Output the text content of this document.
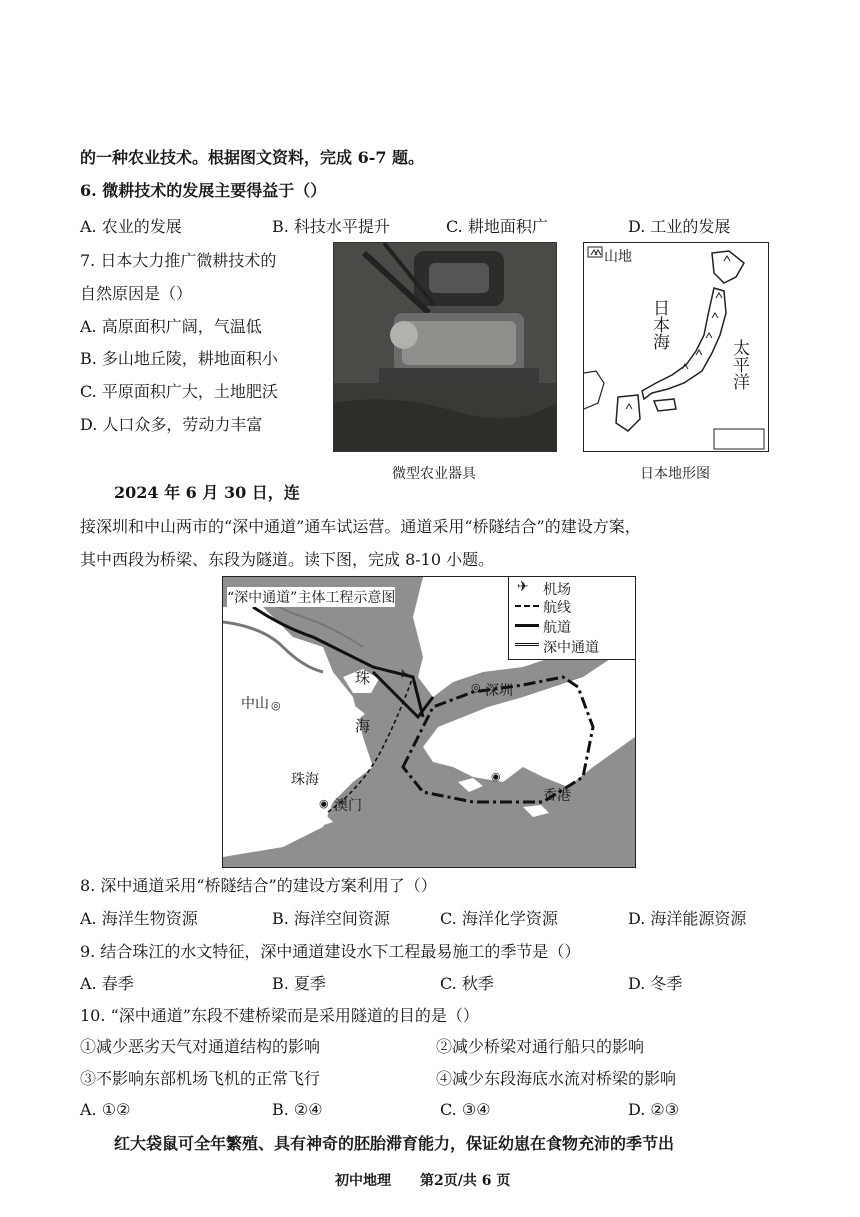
的一种农业技术。根据图文资料，完成 6-7 题。
6. 微耕技术的发展主要得益于（）
A. 农业的发展	B. 科技水平提升	C. 耕地面积广	D. 工业的发展
7. 日本大力推广微耕技术的
自然原因是（）
A. 高原面积广阔，气温低
B. 多山地丘陵，耕地面积小
C. 平原面积广大，土地肥沃
D. 人口众多，劳动力丰富
微型农业器具
山地
日本海
太平洋
日本地形图
2024 年 6 月 30 日，连
接深圳和中山两市的“深中通道”通车试运营。通道采用“桥隧结合”的建设方案，
其中西段为桥梁、东段为隧道。读下图，完成 8-10 小题。
✈ 机场
航线
航道
深中通道
“深中通道”主体工程示意图
中山 ◎
珠 ✈
海
珠海
◉ 澳门
◎ 深圳
◉
香港
8. 深中通道采用“桥隧结合”的建设方案利用了（）
A. 海洋生物资源	B. 海洋空间资源	C. 海洋化学资源	D. 海洋能源资源
9. 结合珠江的水文特征，深中通道建设水下工程最易施工的季节是（）
A. 春季	B. 夏季	C. 秋季	D. 冬季
10. “深中通道”东段不建桥梁而是采用隧道的目的是（）
①减少恶劣天气对通道结构的影响	②减少桥梁对通行船只的影响
③不影响东部机场飞机的正常飞行	④减少东段海底水流对桥梁的影响
A. ①②	B. ②④	C. ③④	D. ②③
红大袋鼠可全年繁殖、具有神奇的胚胎滞育能力，保证幼崽在食物充沛的季节出
初中地理 第2页/共 6 页
